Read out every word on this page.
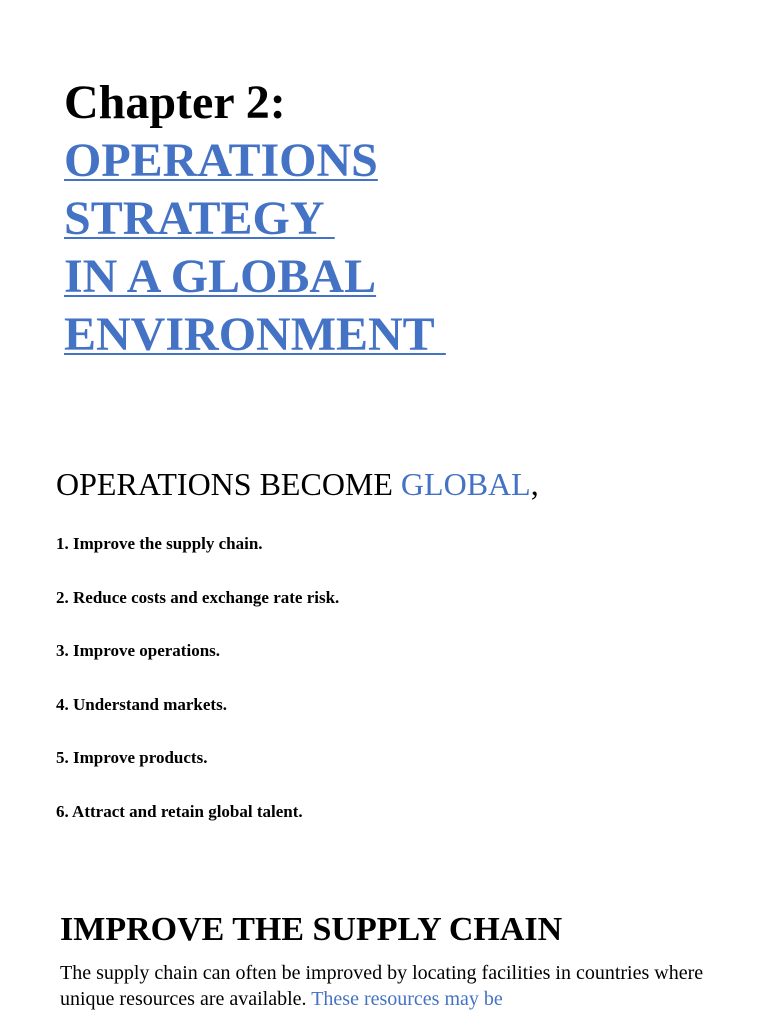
Chapter 2:
OPERATIONS
STRATEGY
IN A GLOBAL
ENVIRONMENT
OPERATIONS BECOME GLOBAL,
1. Improve the supply chain.
2. Reduce costs and exchange rate risk.
3. Improve operations.
4. Understand markets.
5. Improve products.
6. Attract and retain global talent.
IMPROVE THE SUPPLY CHAIN

The supply chain can often be improved by locating facilities in countries where unique resources are available. These resources may be
